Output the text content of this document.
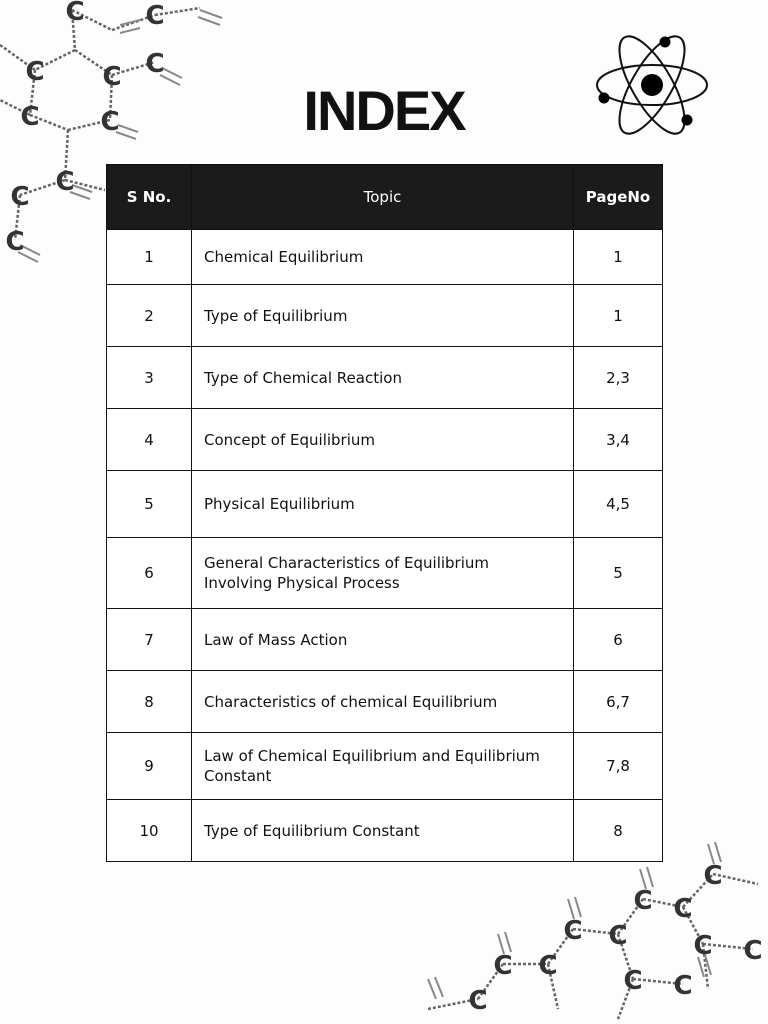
C C
C C C
C C
C
C
C
C
C C
C C
C C
C
C
C
C
C
INDEX
S No.	Topic	PageNo
1	Chemical Equilibrium	1
2	Type of Equilibrium	1
3	Type of Chemical Reaction	2,3
4	Concept of Equilibrium	3,4
5	Physical Equilibrium	4,5
6	General Characteristics of Equilibrium Involving Physical Process	5
7	Law of Mass Action	6
8	Characteristics of chemical Equilibrium	6,7
9	Law of Chemical Equilibrium and Equilibrium Constant	7,8
10	Type of Equilibrium Constant	8
